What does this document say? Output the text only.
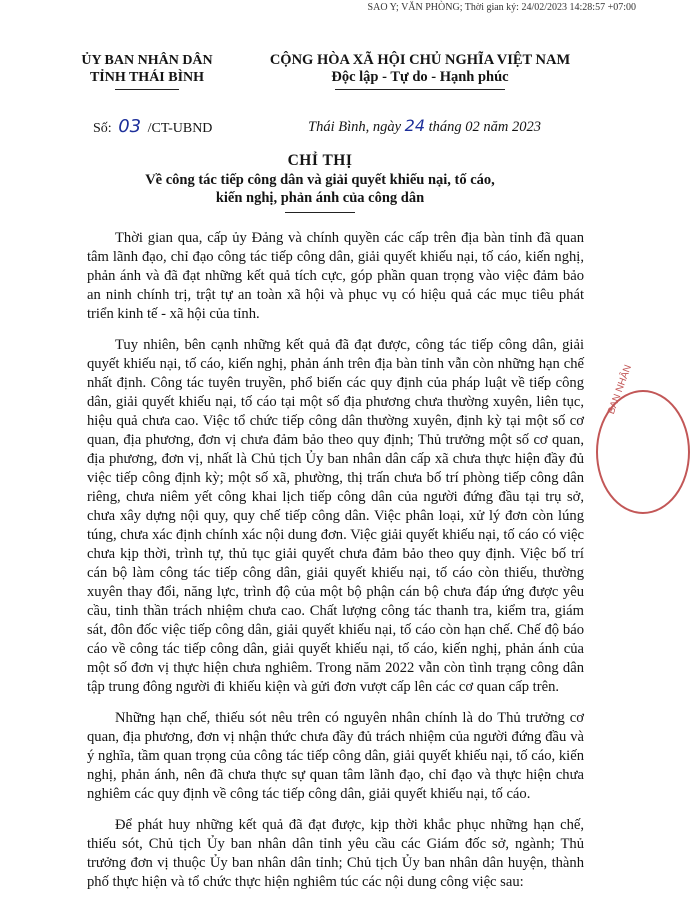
SAO Y; VĂN PHÒNG; Thời gian ký: 24/02/2023 14:28:57 +07:00
ỦY BAN NHÂN DÂN
TỈNH THÁI BÌNH
CỘNG HÒA XÃ HỘI CHỦ NGHĨA VIỆT NAM
Độc lập - Tự do - Hạnh phúc
Số: 03 /CT-UBND	Thái Bình, ngày 24 tháng 02 năm 2023
CHỈ THỊ
Về công tác tiếp công dân và giải quyết khiếu nại, tố cáo,
kiến nghị, phản ánh của công dân
BAN NHÂN

Thời gian qua, cấp ủy Đảng và chính quyền các cấp trên địa bàn tỉnh đã quan tâm lãnh đạo, chỉ đạo công tác tiếp công dân, giải quyết khiếu nại, tố cáo, kiến nghị, phản ánh và đã đạt những kết quả tích cực, góp phần quan trọng vào việc đảm bảo an ninh chính trị, trật tự an toàn xã hội và phục vụ có hiệu quả các mục tiêu phát triển kinh tế - xã hội của tỉnh.

Tuy nhiên, bên cạnh những kết quả đã đạt được, công tác tiếp công dân, giải quyết khiếu nại, tố cáo, kiến nghị, phản ánh trên địa bàn tỉnh vẫn còn những hạn chế nhất định. Công tác tuyên truyền, phổ biến các quy định của pháp luật về tiếp công dân, giải quyết khiếu nại, tố cáo tại một số địa phương chưa thường xuyên, liên tục, hiệu quả chưa cao. Việc tổ chức tiếp công dân thường xuyên, định kỳ tại một số cơ quan, địa phương, đơn vị chưa đảm bảo theo quy định; Thủ trưởng một số cơ quan, địa phương, đơn vị, nhất là Chủ tịch Ủy ban nhân dân cấp xã chưa thực hiện đầy đủ việc tiếp công định kỳ; một số xã, phường, thị trấn chưa bố trí phòng tiếp công dân riêng, chưa niêm yết công khai lịch tiếp công dân của người đứng đầu tại trụ sở, chưa xây dựng nội quy, quy chế tiếp công dân. Việc phân loại, xử lý đơn còn lúng túng, chưa xác định chính xác nội dung đơn. Việc giải quyết khiếu nại, tố cáo có việc chưa kịp thời, trình tự, thủ tục giải quyết chưa đảm bảo theo quy định. Việc bố trí cán bộ làm công tác tiếp công dân, giải quyết khiếu nại, tố cáo còn thiếu, thường xuyên thay đổi, năng lực, trình độ của một bộ phận cán bộ chưa đáp ứng được yêu cầu, tinh thần trách nhiệm chưa cao. Chất lượng công tác thanh tra, kiểm tra, giám sát, đôn đốc việc tiếp công dân, giải quyết khiếu nại, tố cáo còn hạn chế. Chế độ báo cáo về công tác tiếp công dân, giải quyết khiếu nại, tố cáo, kiến nghị, phản ánh của một số đơn vị thực hiện chưa nghiêm. Trong năm 2022 vẫn còn tình trạng công dân tập trung đông người đi khiếu kiện và gửi đơn vượt cấp lên các cơ quan cấp trên.

Những hạn chế, thiếu sót nêu trên có nguyên nhân chính là do Thủ trưởng cơ quan, địa phương, đơn vị nhận thức chưa đầy đủ trách nhiệm của người đứng đầu và ý nghĩa, tầm quan trọng của công tác tiếp công dân, giải quyết khiếu nại, tố cáo, kiến nghị, phản ánh, nên đã chưa thực sự quan tâm lãnh đạo, chỉ đạo và thực hiện chưa nghiêm các quy định về công tác tiếp công dân, giải quyết khiếu nại, tố cáo.

Để phát huy những kết quả đã đạt được, kịp thời khắc phục những hạn chế, thiếu sót, Chủ tịch Ủy ban nhân dân tỉnh yêu cầu các Giám đốc sở, ngành; Thủ trưởng đơn vị thuộc Ủy ban nhân dân tỉnh; Chủ tịch Ủy ban nhân dân huyện, thành phố thực hiện và tổ chức thực hiện nghiêm túc các nội dung công việc sau:
